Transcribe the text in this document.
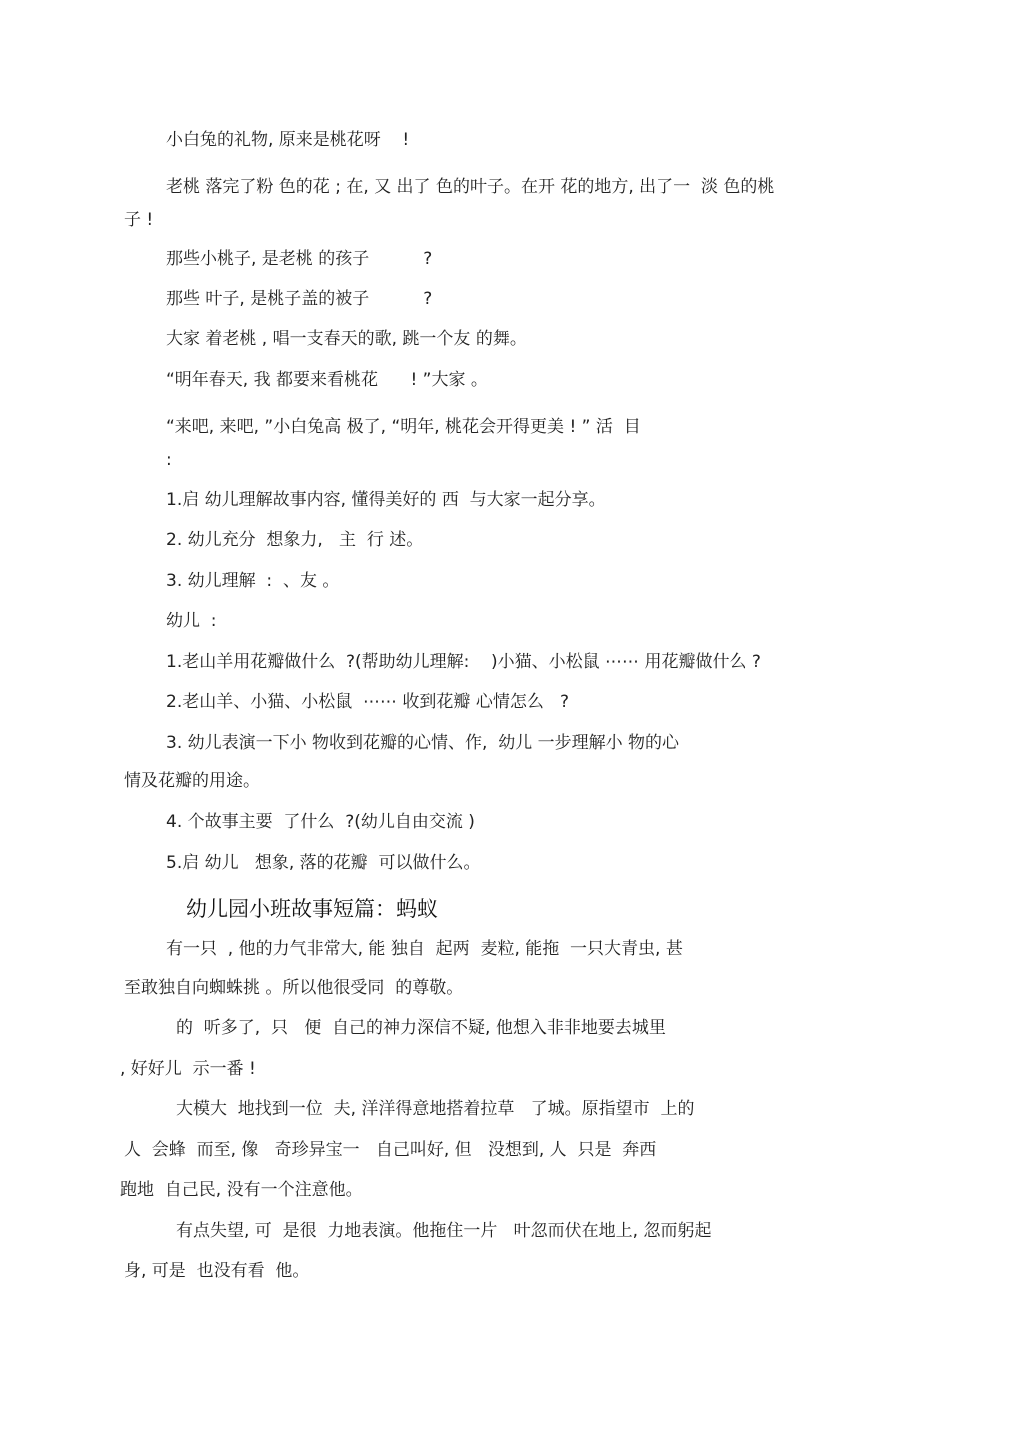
小白兔的礼物, 原来是桃花呀    !

老桃 落完了粉 色的花 ; 在, 又 出了 色的叶子。在开 花的地方, 出了一  淡 色的桃

子 !

那些小桃子, 是老桃 的孩子          ?

那些 叶子, 是桃子盖的被子          ?

大家 着老桃 , 唱一支春天的歌, 跳一个友 的舞。

“明年春天, 我 都要来看桃花      ! ”大家 。

“来吧, 来吧, ”小白兔高 极了, “明年, 桃花会开得更美 ! ” 活  目

:

1.启 幼儿理解故事内容, 懂得美好的 西  与大家一起分享。

2. 幼儿充分  想象力,   主  行 述。

3. 幼儿理解  :  、友 。

幼儿  :

1.老山羊用花瓣做什么  ?(帮助幼儿理解:    )小猫、小松鼠 ⋯⋯ 用花瓣做什么 ?

2.老山羊、小猫、小松鼠  ⋯⋯ 收到花瓣 心情怎么   ?

3. 幼儿表演一下小 物收到花瓣的心情、作,  幼儿 一步理解小 物的心

情及花瓣的用途。

4. 个故事主要  了什么  ?(幼儿自由交流 )

5.启 幼儿   想象, 落的花瓣  可以做什么。

幼儿园小班故事短篇：蚂蚁

有一只  , 他的力气非常大, 能 独自  起两  麦粒, 能拖  一只大青虫, 甚

至敢独自向蜘蛛挑 。所以他很受同  的尊敬。

的  听多了,  只   便  自己的神力深信不疑, 他想入非非地要去城里

, 好好儿  示一番 !

大模大  地找到一位  夫, 洋洋得意地搭着拉草   了城。原指望市  上的

人  会蜂  而至, 像   奇珍异宝一   自己叫好, 但   没想到, 人  只是  奔西

跑地  自己民, 没有一个注意他。

有点失望, 可  是很  力地表演。他拖住一片   叶忽而伏在地上, 忽而躬起

身, 可是  也没有看  他。
